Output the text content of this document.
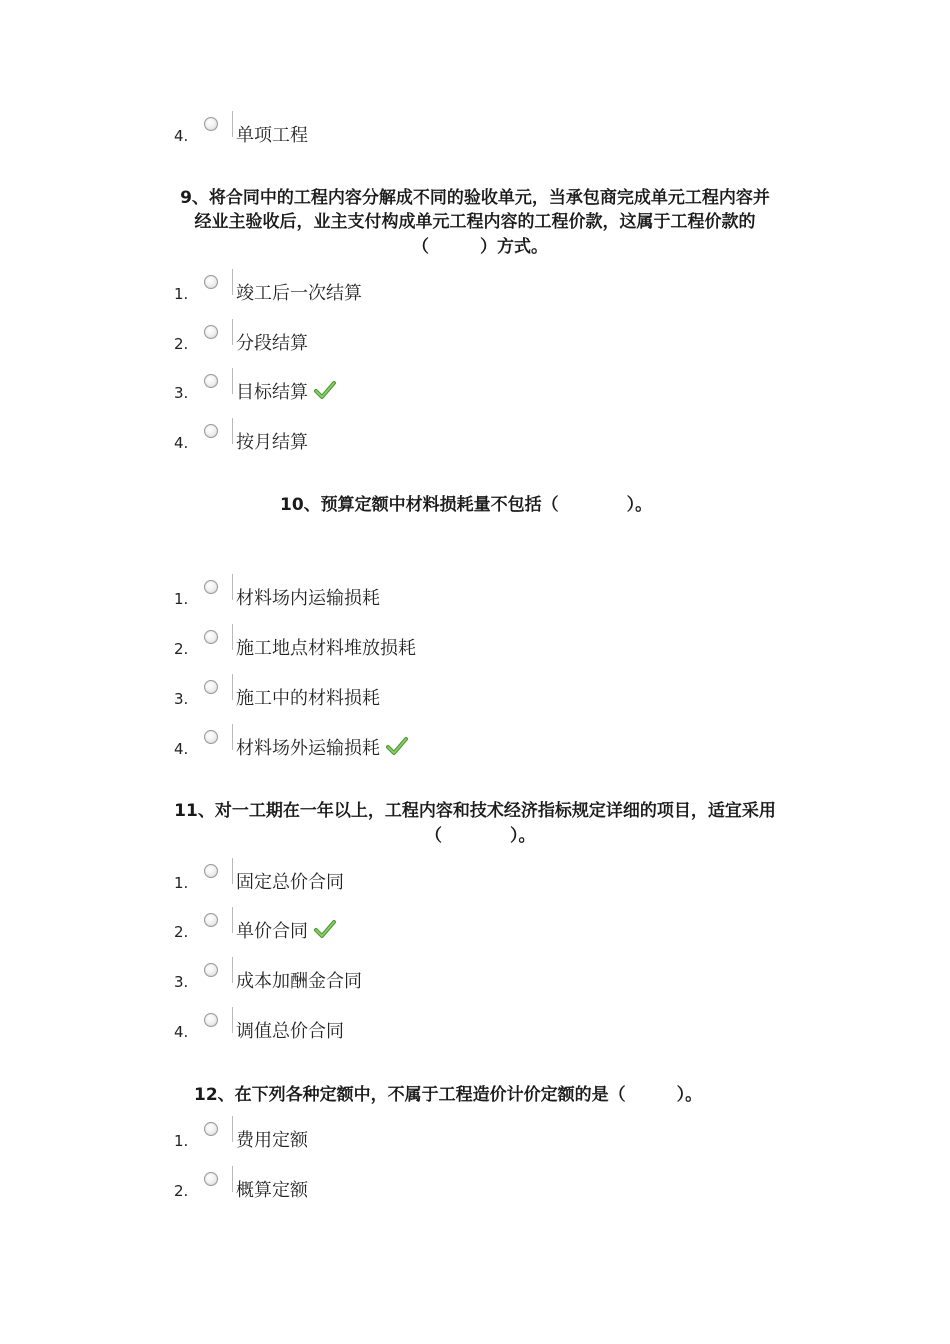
4.	单项工程
9、将合同中的工程内容分解成不同的验收单元，当承包商完成单元工程内容并
经业主验收后，业主支付构成单元工程内容的工程价款，这属于工程价款的
（　　　）方式。
1.	竣工后一次结算
2.	分段结算
3.	目标结算
4.	按月结算
10、预算定额中材料损耗量不包括（　　　　）。
1.	材料场内运输损耗
2.	施工地点材料堆放损耗
3.	施工中的材料损耗
4.	材料场外运输损耗
11、对一工期在一年以上，工程内容和技术经济指标规定详细的项目，适宜采用
（　　　　）。
1.	固定总价合同
2.	单价合同
3.	成本加酬金合同
4.	调值总价合同
12、在下列各种定额中，不属于工程造价计价定额的是（　　　）。
1.	费用定额
2.	概算定额
